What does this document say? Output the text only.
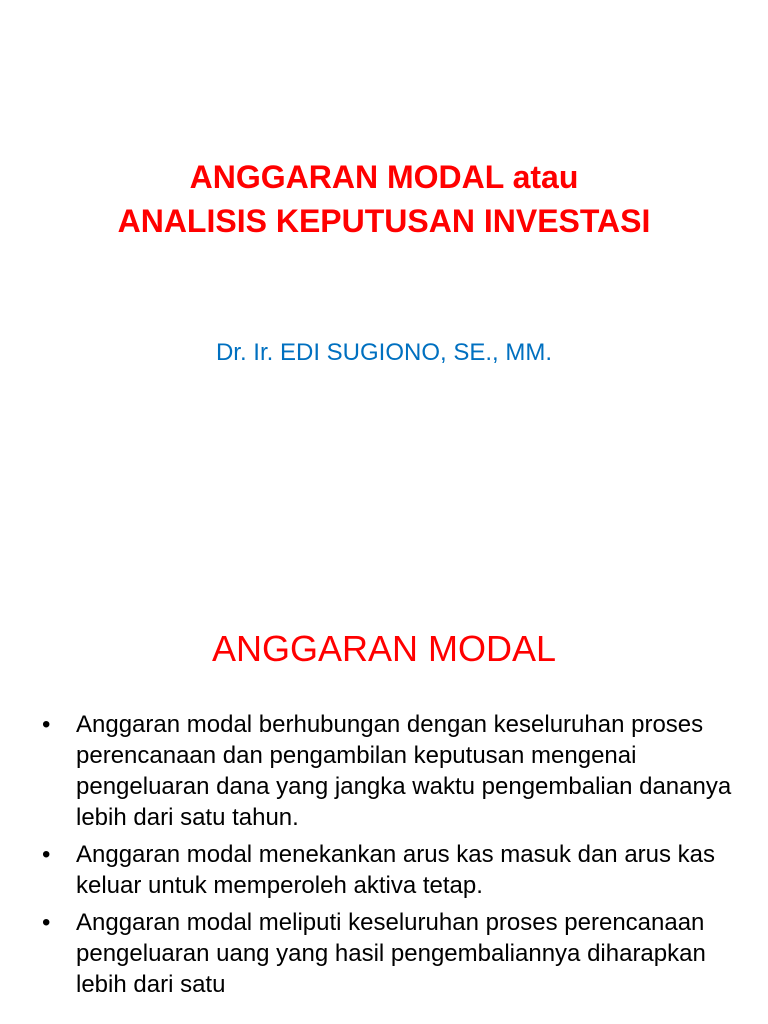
ANGGARAN MODAL atau
ANALISIS KEPUTUSAN INVESTASI
Dr. Ir. EDI SUGIONO, SE., MM.
ANGGARAN MODAL
•	Anggaran modal berhubungan dengan keseluruhan proses perencanaan dan pengambilan keputusan mengenai pengeluaran dana yang jangka waktu pengembalian dananya lebih dari satu tahun.
•	Anggaran modal menekankan arus kas masuk dan arus kas keluar untuk memperoleh aktiva tetap.
•	Anggaran modal meliputi keseluruhan proses perencanaan pengeluaran uang yang hasil pengembaliannya diharapkan lebih dari satu
